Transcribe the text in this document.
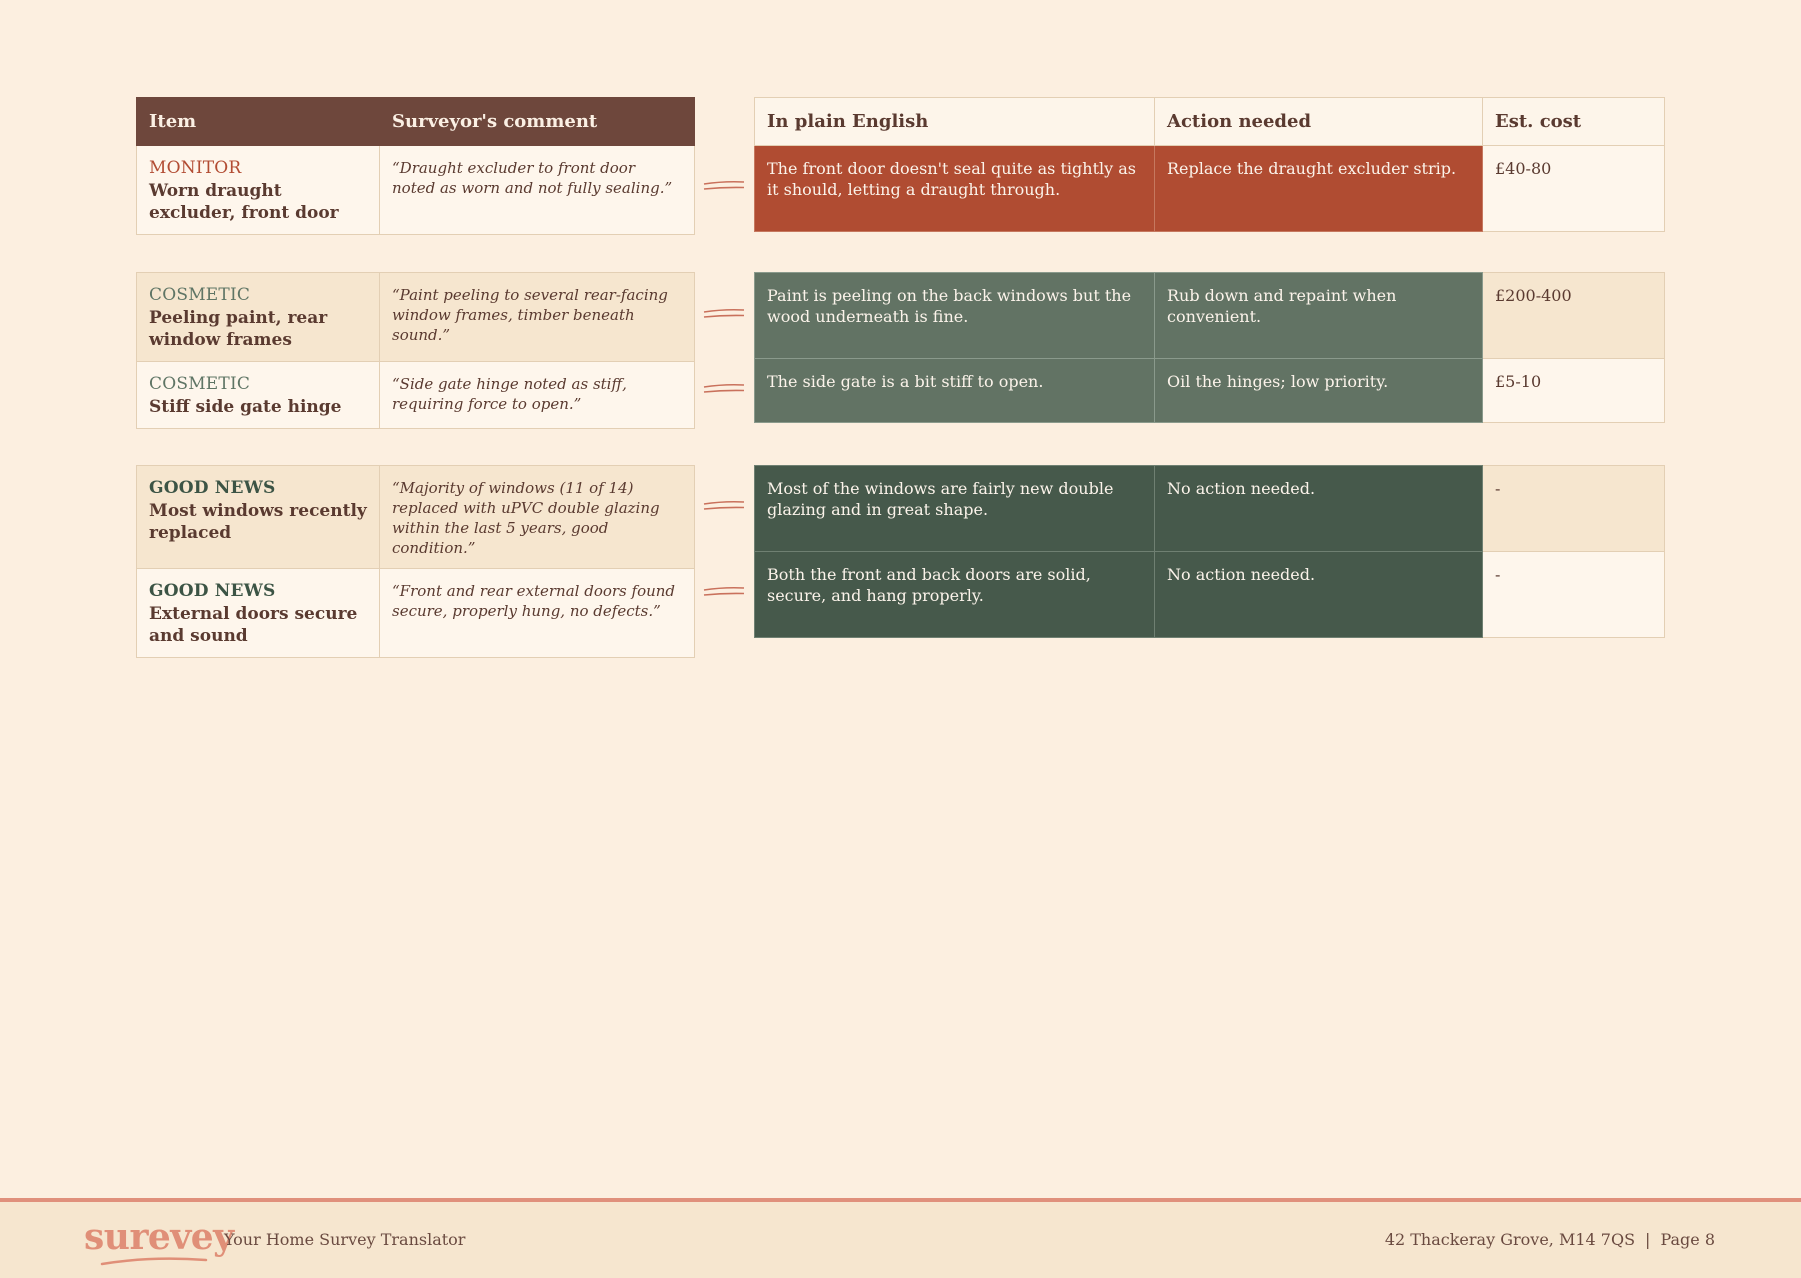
Item	Surveyor's comment

MONITOR
Worn draught excluder, front door	“Draught excluder to front door noted as worn and not fully sealing.”
In plain English	Action needed	Est. cost
The front door doesn't seal quite as tightly as it should, letting a draught through.	Replace the draught excluder strip.	£40-80
COSMETIC
Peeling paint, rear window frames	“Paint peeling to several rear-facing window frames, timber beneath sound.”

COSMETIC
Stiff side gate hinge	“Side gate hinge noted as stiff, requiring force to open.”
Paint is peeling on the back windows but the wood underneath is fine.	Rub down and repaint when convenient.	£200-400
The side gate is a bit stiff to open.	Oil the hinges; low priority.	£5-10
GOOD NEWS
Most windows recently replaced	“Majority of windows (11 of 14) replaced with uPVC double glazing within the last 5 years, good condition.”

GOOD NEWS
External doors secure and sound	“Front and rear external doors found secure, properly hung, no defects.”
Most of the windows are fairly new double glazing and in great shape.	No action needed.	-
Both the front and back doors are solid, secure, and hang properly.	No action needed.	-
surevey
Your Home Survey Translator	42 Thackeray Grove, M14 7QS | Page 8
